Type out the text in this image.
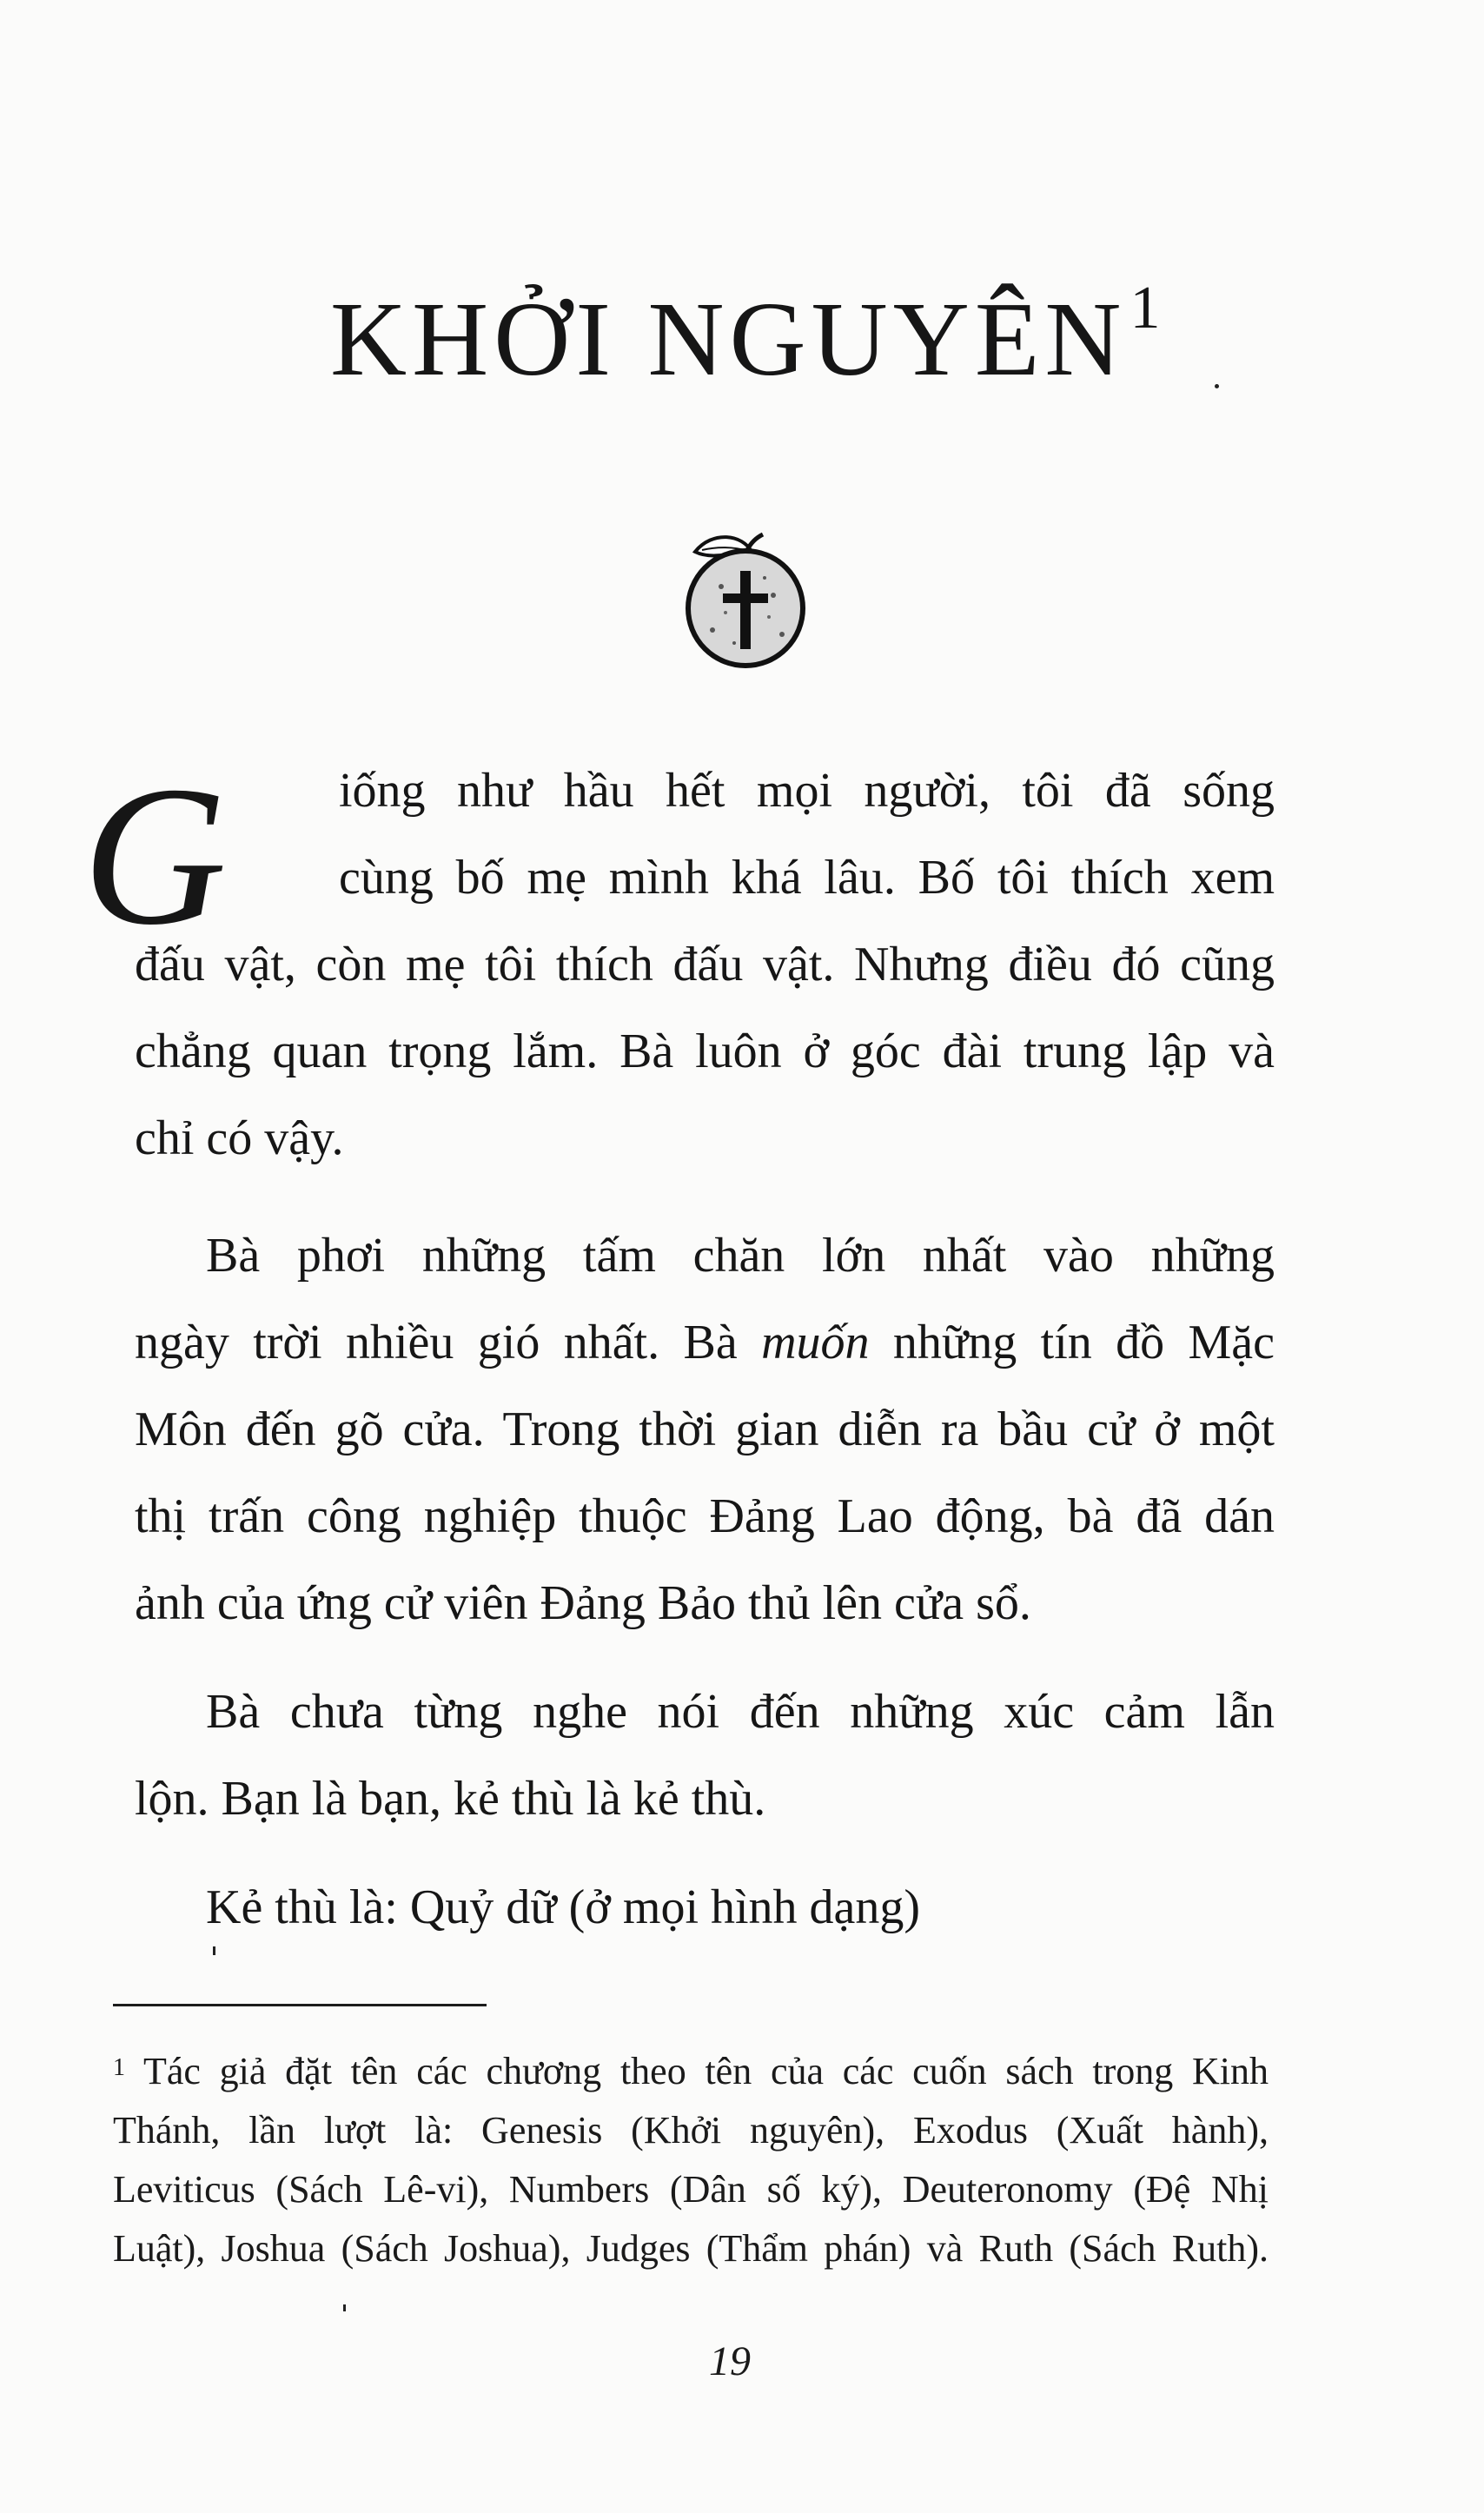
KHỞI NGUYÊN$^1$
G iống như hầu hết mọi người, tôi đã sống
cùng bố mẹ mình khá lâu. Bố tôi thích xem
đấu vật, còn mẹ tôi thích đấu vật. Nhưng điều đó cũng
chẳng quan trọng lắm. Bà luôn ở góc đài trung lập và
chỉ có vậy.
Bà phơi những tấm chăn lớn nhất vào những
ngày trời nhiều gió nhất. Bà muốn những tín đồ Mặc
Môn đến gõ cửa. Trong thời gian diễn ra bầu cử ở một
thị trấn công nghiệp thuộc Đảng Lao động, bà đã dán
ảnh của ứng cử viên Đảng Bảo thủ lên cửa sổ.
Bà chưa từng nghe nói đến những xúc cảm lẫn
lộn. Bạn là bạn, kẻ thù là kẻ thù.
Kẻ thù là: Quỷ dữ (ở mọi hình dạng)
$^1$ Tác giả đặt tên các chương theo tên của các cuốn sách trong Kinh
Thánh, lần lượt là: Genesis (Khởi nguyên), Exodus (Xuất hành),
Leviticus (Sách Lê-vi), Numbers (Dân số ký), Deuteronomy (Đệ Nhị
Luật), Joshua (Sách Joshua), Judges (Thẩm phán) và Ruth (Sách Ruth).
19
